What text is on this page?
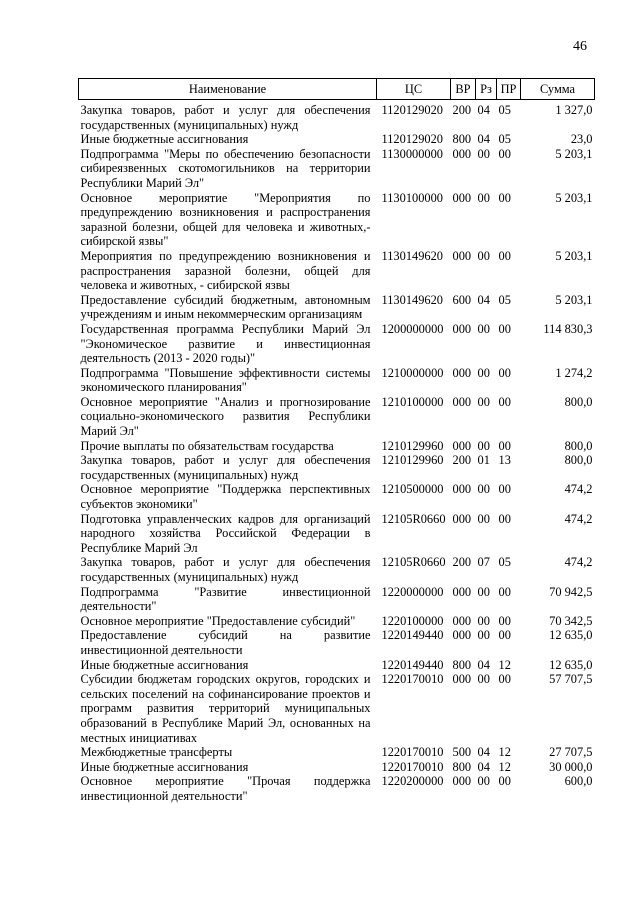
46
Наименование	ЦС	ВР	Рз	ПР	Сумма
Закупка товаров, работ и услуг для обеспечения государственных (муниципальных) нужд	1120129020	200	04	05	1 327,0
Иные бюджетные ассигнования	1120129020	800	04	05	23,0
Подпрограмма "Меры по обеспечению безопасности сибиреязвенных скотомогильников на территории Республики Марий Эл"	1130000000	000	00	00	5 203,1
Основное мероприятие "Мероприятия по предупреждению возникновения и распространения заразной болезни, общей для человека и животных,-сибирской язвы"	1130100000	000	00	00	5 203,1
Мероприятия по предупреждению возникновения и распространения заразной болезни, общей для человека и животных, - сибирской язвы	1130149620	000	00	00	5 203,1
Предоставление субсидий бюджетным, автономным учреждениям и иным некоммерческим организациям	1130149620	600	04	05	5 203,1
Государственная программа Республики Марий Эл "Экономическое развитие и инвестиционная деятельность (2013 - 2020 годы)"	1200000000	000	00	00	114 830,3
Подпрограмма "Повышение эффективности системы экономического планирования"	1210000000	000	00	00	1 274,2
Основное мероприятие "Анализ и прогнозирование социально-экономического развития Республики Марий Эл"	1210100000	000	00	00	800,0
Прочие выплаты по обязательствам государства	1210129960	000	00	00	800,0
Закупка товаров, работ и услуг для обеспечения государственных (муниципальных) нужд	1210129960	200	01	13	800,0
Основное мероприятие "Поддержка перспективных субъектов экономики"	1210500000	000	00	00	474,2
Подготовка управленческих кадров для организаций народного хозяйства Российской Федерации в Республике Марий Эл	12105R0660	000	00	00	474,2
Закупка товаров, работ и услуг для обеспечения государственных (муниципальных) нужд	12105R0660	200	07	05	474,2
Подпрограмма "Развитие инвестиционной деятельности"	1220000000	000	00	00	70 942,5
Основное мероприятие "Предоставление субсидий"	1220100000	000	00	00	70 342,5
Предоставление субсидий на развитие инвестиционной деятельности	1220149440	000	00	00	12 635,0
Иные бюджетные ассигнования	1220149440	800	04	12	12 635,0
Субсидии бюджетам городских округов, городских и сельских поселений на софинансирование проектов и программ развития территорий муниципальных образований в Республике Марий Эл, основанных на местных инициативах	1220170010	000	00	00	57 707,5
Межбюджетные трансферты	1220170010	500	04	12	27 707,5
Иные бюджетные ассигнования	1220170010	800	04	12	30 000,0
Основное мероприятие "Прочая поддержка инвестиционной деятельности"	1220200000	000	00	00	600,0
